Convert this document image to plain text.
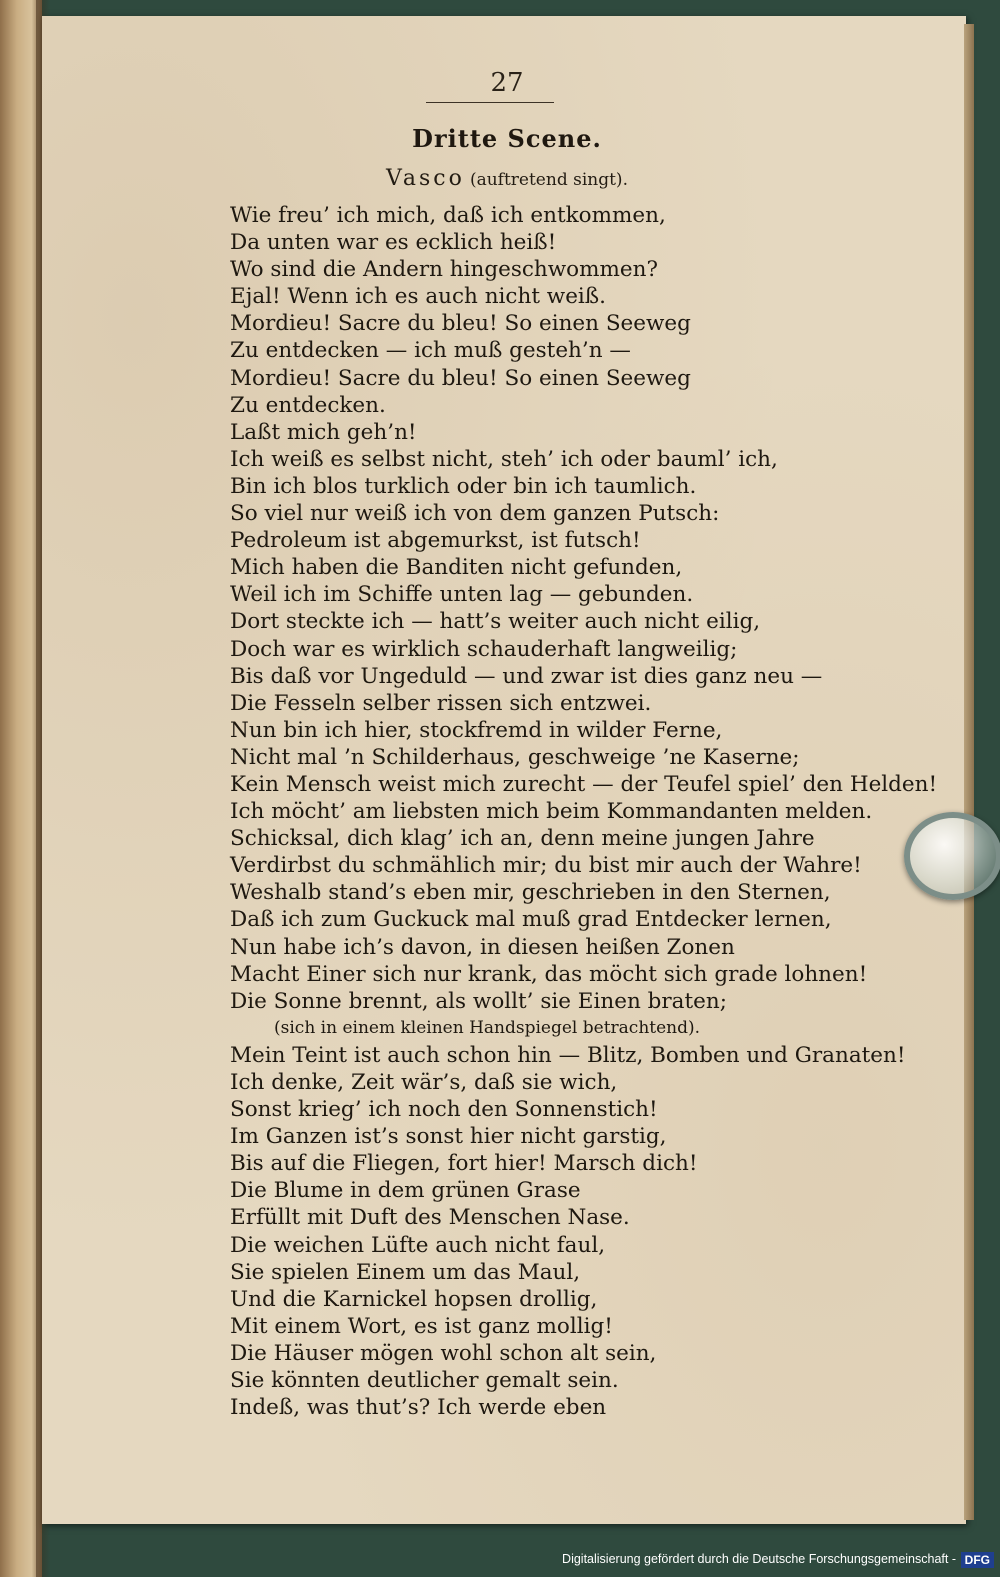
27
Dritte Scene.
Vasco (auftretend singt).
Wie freu’ ich mich, daß ich entkommen,
Da unten war es ecklich heiß!
Wo sind die Andern hingeschwommen?
Ejal! Wenn ich es auch nicht weiß.
Mordieu! Sacre du bleu! So einen Seeweg
Zu entdecken — ich muß gesteh’n —
Mordieu! Sacre du bleu! So einen Seeweg
Zu entdecken.
Laßt mich geh’n!
Ich weiß es selbst nicht, steh’ ich oder bauml’ ich,
Bin ich blos turklich oder bin ich taumlich.
So viel nur weiß ich von dem ganzen Putsch:
Pedroleum ist abgemurkst, ist futsch!
Mich haben die Banditen nicht gefunden,
Weil ich im Schiffe unten lag — gebunden.
Dort steckte ich — hatt’s weiter auch nicht eilig,
Doch war es wirklich schauderhaft langweilig;
Bis daß vor Ungeduld — und zwar ist dies ganz neu —
Die Fesseln selber rissen sich entzwei.
Nun bin ich hier, stockfremd in wilder Ferne,
Nicht mal ’n Schilderhaus, geschweige ’ne Kaserne;
Kein Mensch weist mich zurecht — der Teufel spiel’ den Helden!
Ich möcht’ am liebsten mich beim Kommandanten melden.
Schicksal, dich klag’ ich an, denn meine jungen Jahre
Verdirbst du schmählich mir; du bist mir auch der Wahre!
Weshalb stand’s eben mir, geschrieben in den Sternen,
Daß ich zum Guckuck mal muß grad Entdecker lernen,
Nun habe ich’s davon, in diesen heißen Zonen
Macht Einer sich nur krank, das möcht sich grade lohnen!
Die Sonne brennt, als wollt’ sie Einen braten;
(sich in einem kleinen Handspiegel betrachtend).
Mein Teint ist auch schon hin — Blitz, Bomben und Granaten!
Ich denke, Zeit wär’s, daß sie wich,
Sonst krieg’ ich noch den Sonnenstich!
Im Ganzen ist’s sonst hier nicht garstig,
Bis auf die Fliegen, fort hier! Marsch dich!
Die Blume in dem grünen Grase
Erfüllt mit Duft des Menschen Nase.
Die weichen Lüfte auch nicht faul,
Sie spielen Einem um das Maul,
Und die Karnickel hopsen drollig,
Mit einem Wort, es ist ganz mollig!
Die Häuser mögen wohl schon alt sein,
Sie könnten deutlicher gemalt sein.
Indeß, was thut’s? Ich werde eben
Digitalisierung gefördert durch die Deutsche Forschungsgemeinschaft - DFG
